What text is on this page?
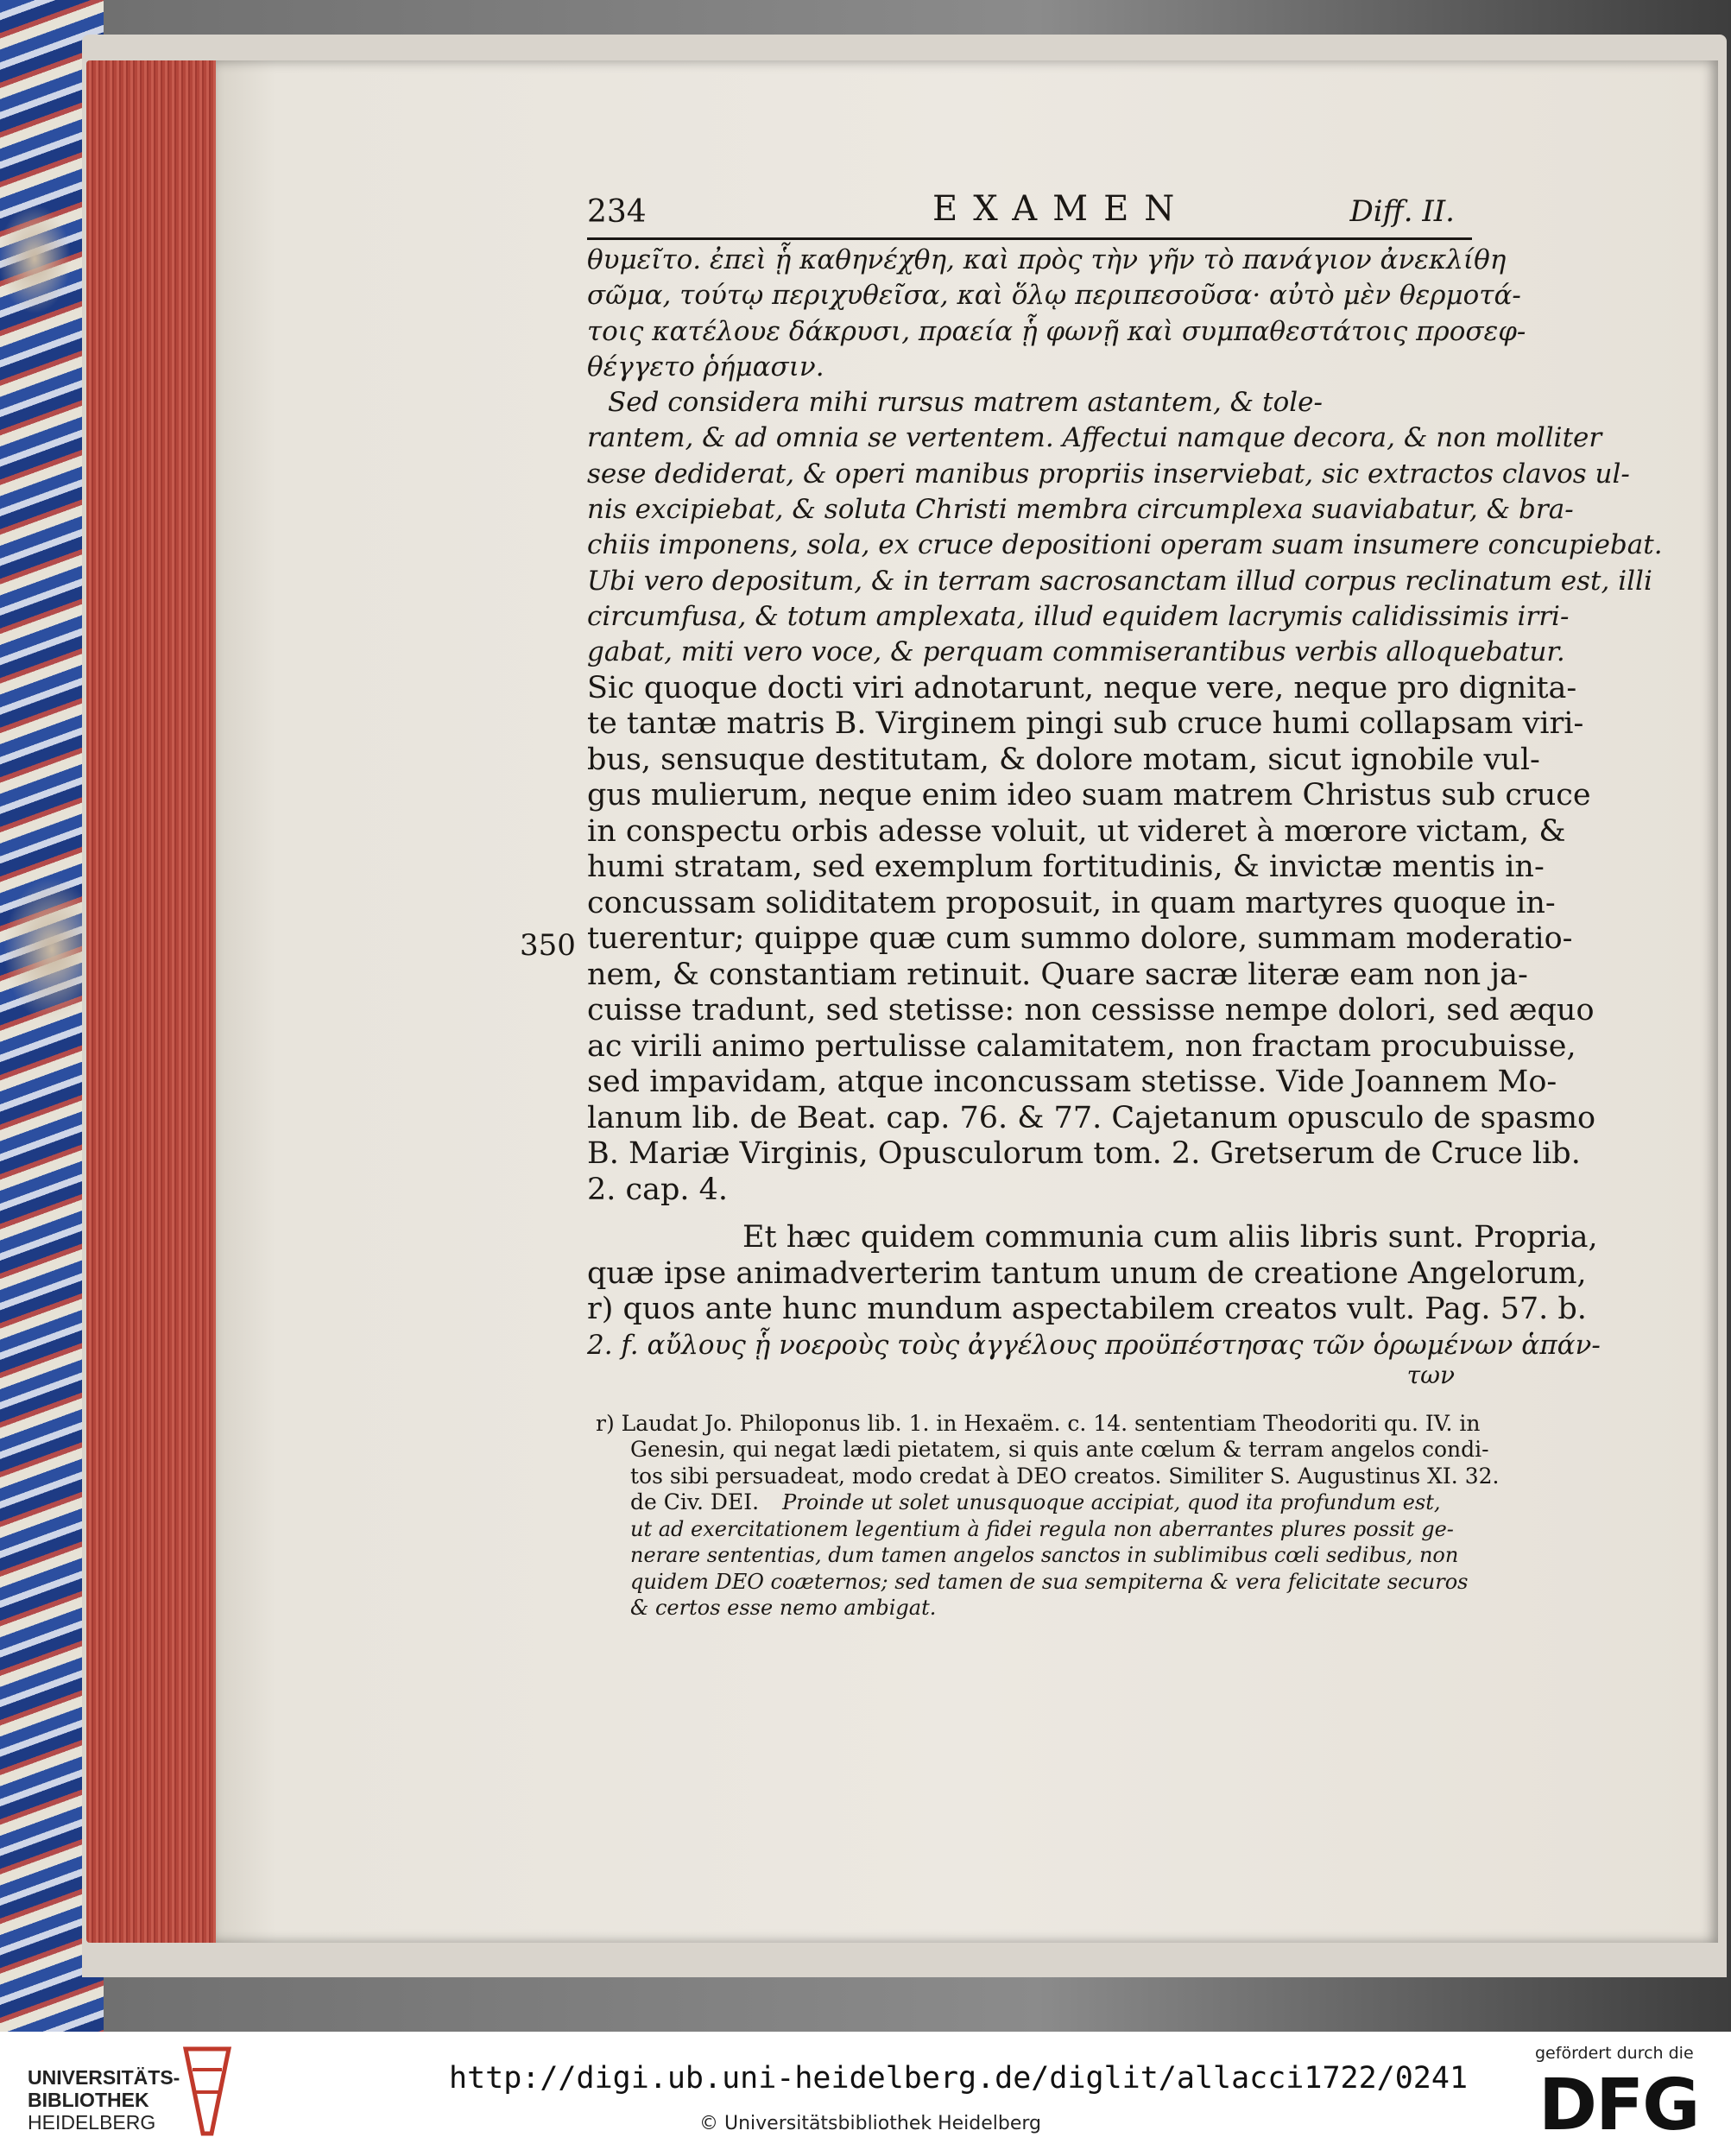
234	EXAMEN	Diff. II.
θυμεῖτο. ἐπεὶ ᾗ καθηνέχθη, καὶ πρὸς τὴν γῆν τὸ πανάγιον ἀνεκλίθη
σῶμα, τούτῳ περιχυθεῖσα, καὶ ὅλῳ περιπεσοῦσα· αὐτὸ μὲν θερμοτά-
τοις κατέλουε δάκρυσι, πραεία ᾗ φωνῇ καὶ συμπαθεστάτοις προσεφ-
θέγγετο ῥήμασιν. Sed considera mihi rursus matrem astantem, & tole-
rantem, & ad omnia se vertentem. Affectui namque decora, & non molliter
sese dediderat, & operi manibus propriis inserviebat, sic extractos clavos ul-
nis excipiebat, & soluta Christi membra circumplexa suaviabatur, & bra-
chiis imponens, sola, ex cruce depositioni operam suam insumere concupiebat.
Ubi vero depositum, & in terram sacrosanctam illud corpus reclinatum est, illi
circumfusa, & totum amplexata, illud equidem lacrymis calidissimis irri-
gabat, miti vero voce, & perquam commiserantibus verbis alloquebatur.
Sic quoque docti viri adnotarunt, neque vere, neque pro dignita-
te tantæ matris B. Virginem pingi sub cruce humi collapsam viri-
bus, sensuque destitutam, & dolore motam, sicut ignobile vul-
gus mulierum, neque enim ideo suam matrem Christus sub cruce
in conspectu orbis adesse voluit, ut videret à mœrore victam, &
humi stratam, sed exemplum fortitudinis, & invictæ mentis in-
concussam soliditatem proposuit, in quam martyres quoque in-
350 tuerentur; quippe quæ cum summo dolore, summam moderatio-
nem, & constantiam retinuit. Quare sacræ literæ eam non ja-
cuisse tradunt, sed stetisse: non cessisse nempe dolori, sed æquo
ac virili animo pertulisse calamitatem, non fractam procubuisse,
sed impavidam, atque inconcussam stetisse. Vide Joannem Mo-
lanum lib. de Beat. cap. 76. & 77. Cajetanum opusculo de spasmo
B. Mariæ Virginis, Opusculorum tom. 2. Gretserum de Cruce lib.
2. cap. 4.
Et hæc quidem communia cum aliis libris sunt. Propria,
quæ ipse animadverterim tantum unum de creatione Angelorum,
r) quos ante hunc mundum aspectabilem creatos vult. Pag. 57. b.
2. f. αὔλους ᾗ νοεροὺς τοὺς ἀγγέλους προϋπέστησας τῶν ὁρωμένων ἁπάν-
των
r) Laudat Jo. Philoponus lib. 1. in Hexaëm. c. 14. sententiam Theodoriti qu. IV. in
Genesin, qui negat lædi pietatem, si quis ante cœlum & terram angelos condi-
tos sibi persuadeat, modo credat à DEO creatos. Similiter S. Augustinus XI. 32.
de Civ. DEI. Proinde ut solet unusquoque accipiat, quod ita profundum est,
ut ad exercitationem legentium à fidei regula non aberrantes plures possit ge-
nerare sententias, dum tamen angelos sanctos in sublimibus cœli sedibus, non
quidem DEO coæternos; sed tamen de sua sempiterna & vera felicitate securos
& certos esse nemo ambigat.
UNIVERSITÄTS-
BIBLIOTHEK
HEIDELBERG
http://digi.ub.uni-heidelberg.de/diglit/allacci1722/0241
© Universitätsbibliothek Heidelberg
gefördert durch die
DFG
